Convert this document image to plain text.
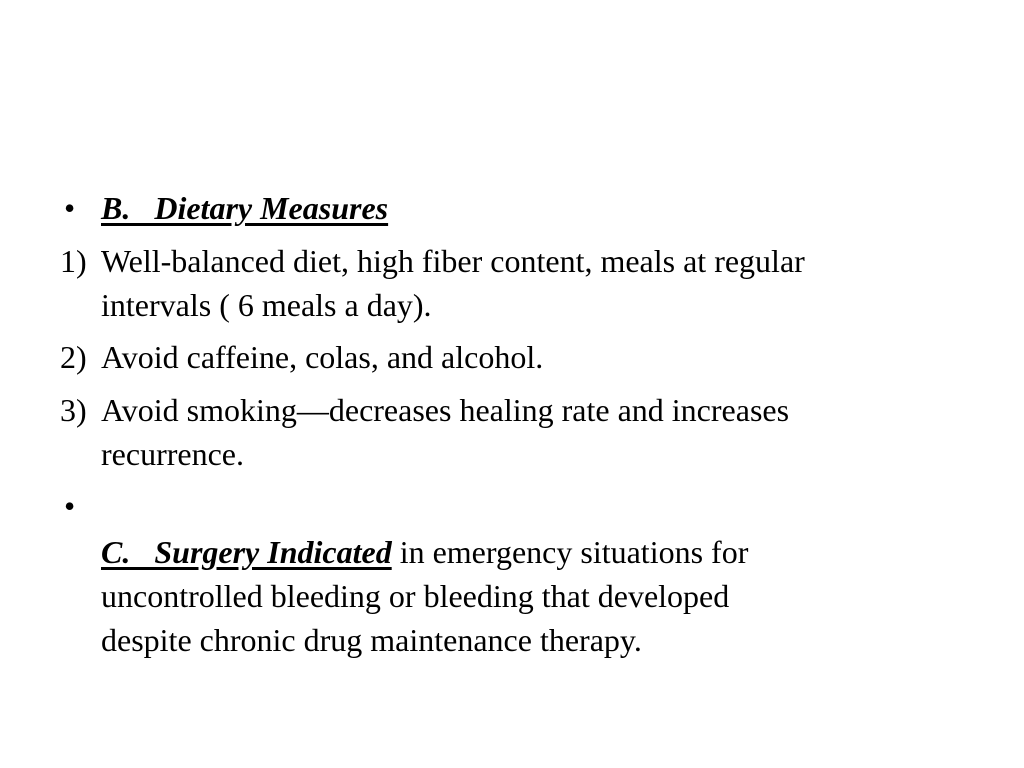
• B.   Dietary Measures
1) Well-balanced diet, high fiber content, meals at regular
intervals ( 6 meals a day).
2) Avoid caffeine, colas, and alcohol.
3) Avoid smoking—decreases healing rate and increases
recurrence.
•
C.   Surgery Indicated in emergency situations for
uncontrolled bleeding or bleeding that developed
despite chronic drug maintenance therapy.
